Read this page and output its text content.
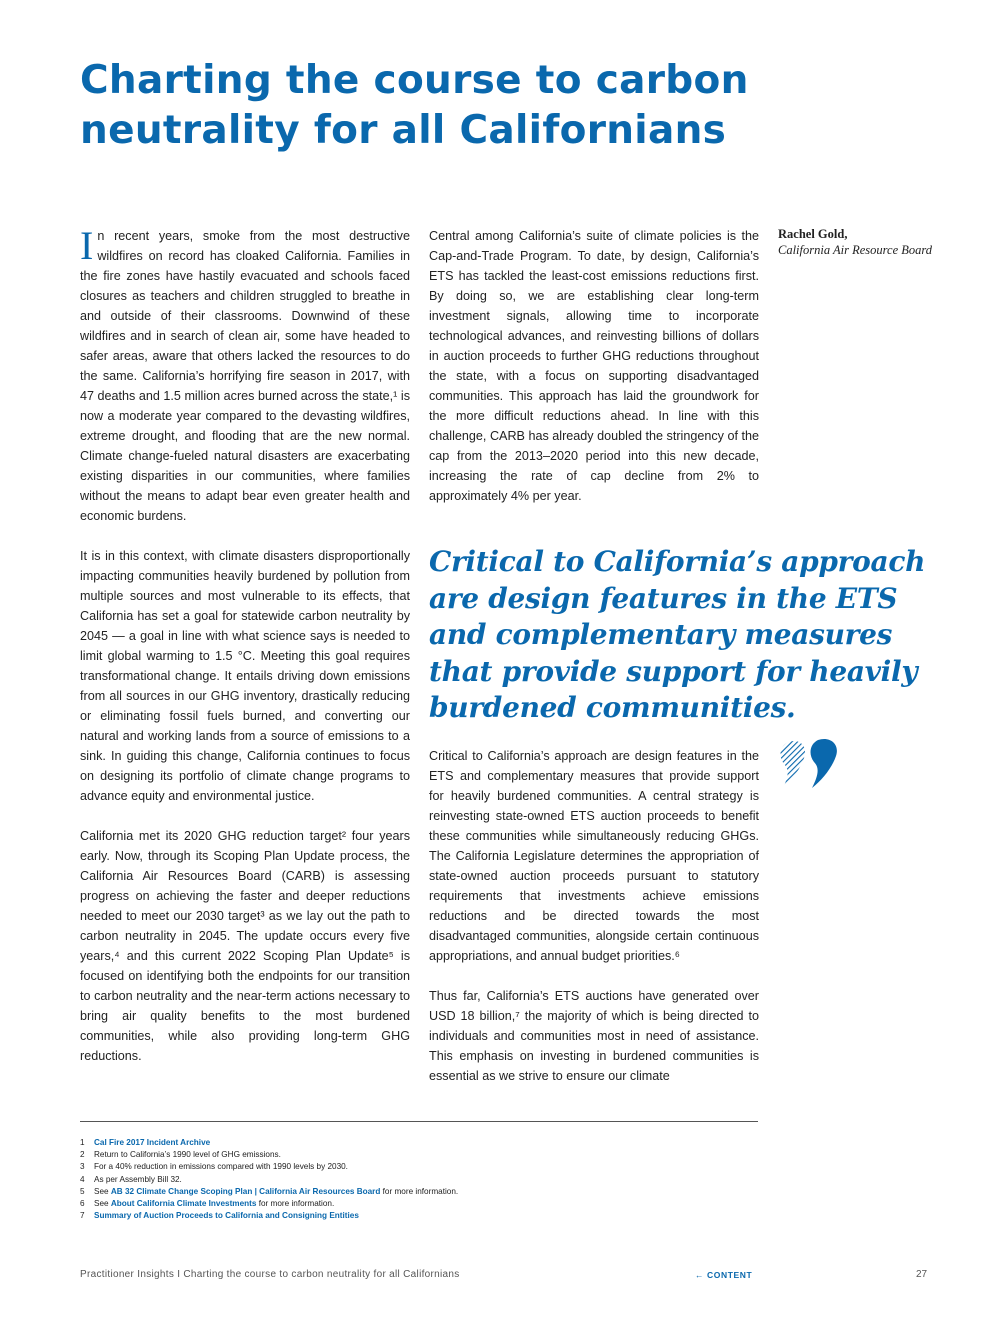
Charting the course to carbon neutrality for all Californians

In recent years, smoke from the most destructive wildfires on record has cloaked California. Families in the fire zones have hastily evacuated and schools faced closures as teachers and children struggled to breathe in and outside of their classrooms. Downwind of these wildfires and in search of clean air, some have headed to safer areas, aware that others lacked the resources to do the same. California’s horrifying fire season in 2017, with 47 deaths and 1.5 million acres burned across the state,¹ is now a moderate year compared to the devasting wildfires, extreme drought, and flooding that are the new normal. Climate change-fueled natural disasters are exacerbating existing disparities in our communities, where families without the means to adapt bear even greater health and economic burdens.

It is in this context, with climate disasters disproportionally impacting communities heavily burdened by pollution from multiple sources and most vulnerable to its effects, that California has set a goal for statewide carbon neutrality by 2045 — a goal in line with what science says is needed to limit global warming to 1.5 °C. Meeting this goal requires transformational change. It entails driving down emissions from all sources in our GHG inventory, drastically reducing or eliminating fossil fuels burned, and converting our natural and working lands from a source of emissions to a sink. In guiding this change, California continues to focus on designing its portfolio of climate change programs to advance equity and environmental justice.

California met its 2020 GHG reduction target² four years early. Now, through its Scoping Plan Update process, the California Air Resources Board (CARB) is assessing progress on achieving the faster and deeper reductions needed to meet our 2030 target³ as we lay out the path to carbon neutrality in 2045. The update occurs every five years,⁴ and this current 2022 Scoping Plan Update⁵ is focused on identifying both the endpoints for our transition to carbon neutrality and the near-term actions necessary to bring air quality benefits to the most burdened communities, while also providing long-term GHG reductions.

Central among California’s suite of climate policies is the Cap-and-Trade Program. To date, by design, California’s ETS has tackled the least-cost emissions reductions first. By doing so, we are establishing clear long-term investment signals, allowing time to incorporate technological advances, and reinvesting billions of dollars in auction proceeds to further GHG reductions throughout the state, with a focus on supporting disadvantaged communities. This approach has laid the groundwork for the more difficult reductions ahead. In line with this challenge, CARB has already doubled the stringency of the cap from the 2013–2020 period into this new decade, increasing the rate of cap decline from 2% to approximately 4% per year.

Rachel Gold,
California Air Resource Board

Critical to California’s approach are design features in the ETS and complementary measures that provide support for heavily burdened communities.

Critical to California’s approach are design features in the ETS and complementary measures that provide support for heavily burdened communities. A central strategy is reinvesting state-owned ETS auction proceeds to benefit these communities while simultaneously reducing GHGs. The California Legislature determines the appropriation of state-owned auction proceeds pursuant to statutory requirements that investments achieve emissions reductions and be directed towards the most disadvantaged communities, alongside certain continuous appropriations, and annual budget priorities.⁶

Thus far, California’s ETS auctions have generated over USD 18 billion,⁷ the majority of which is being directed to individuals and communities most in need of assistance. This emphasis on investing in burdened communities is essential as we strive to ensure our climate

1 Cal Fire 2017 Incident Archive
2 Return to California’s 1990 level of GHG emissions.
3 For a 40% reduction in emissions compared with 1990 levels by 2030.
4 As per Assembly Bill 32.
5 See AB 32 Climate Change Scoping Plan | California Air Resources Board for more information.
6 See About California Climate Investments for more information.
7 Summary of Auction Proceeds to California and Consigning Entities
Practitioner Insights I Charting the course to carbon neutrality for all Californians	← CONTENT	27
